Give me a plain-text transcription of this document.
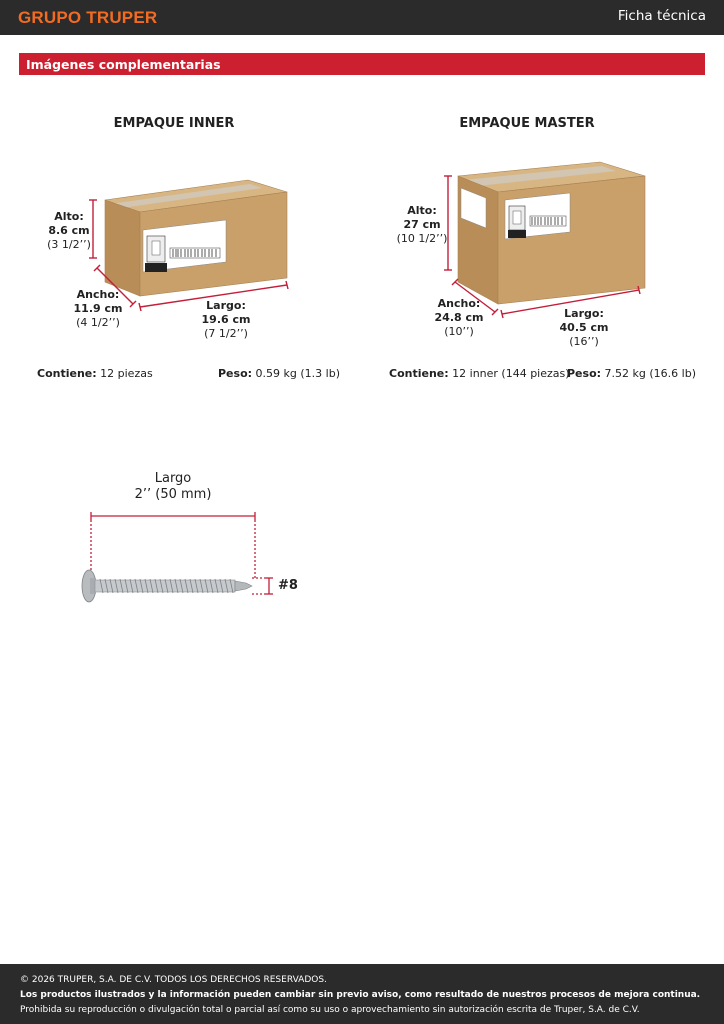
GRUPO TRUPER	Ficha técnica
Imágenes complementarias
EMPAQUE INNER
Alto:
8.6 cm
(3 1/2’’)
Ancho:
11.9 cm
(4 1/2’’)
Largo:
19.6 cm
(7 1/2’’)
Contiene: 12 piezas	Peso: 0.59 kg (1.3 lb)
EMPAQUE MASTER
Alto:
27 cm
(10 1/2’’)
Ancho:
24.8 cm
(10’’)
Largo:
40.5 cm
(16’’)
Contiene: 12 inner (144 piezas)
Peso: 7.52 kg (16.6 lb)
Largo
2’’ (50 mm)
#8
© 2026 TRUPER, S.A. DE C.V. TODOS LOS DERECHOS RESERVADOS.
Los productos ilustrados y la información pueden cambiar sin previo aviso, como resultado de nuestros procesos de mejora continua.
Prohibida su reproducción o divulgación total o parcial así como su uso o aprovechamiento sin autorización escrita de Truper, S.A. de C.V.
